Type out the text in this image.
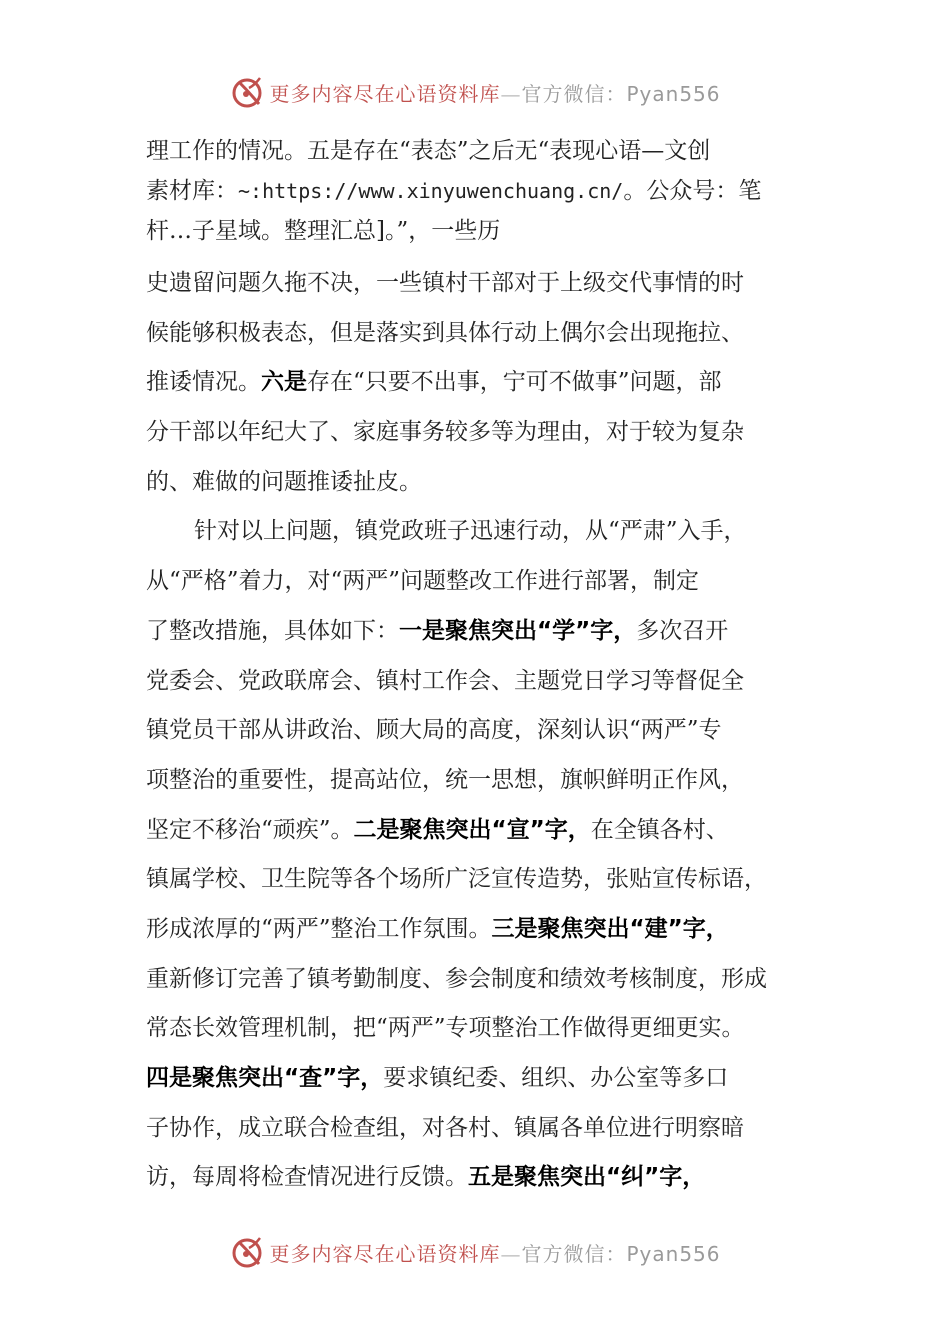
更多内容尽在心语资料库—官方微信：Pyan556
理工作的情况。五是存在“表态”之后无“表现心语—文创
素材库：~:https://www.xinyuwenchuang.cn/。公众号：笔
杆…子星域。整理汇总]。”，一些历
史遗留问题久拖不决，一些镇村干部对于上级交代事情的时
候能够积极表态，但是落实到具体行动上偶尔会出现拖拉、
推诿情况。六是存在“只要不出事，宁可不做事”问题，部
分干部以年纪大了、家庭事务较多等为理由，对于较为复杂
的、难做的问题推诿扯皮。
针对以上问题，镇党政班子迅速行动，从“严肃”入手，
从“严格”着力，对“两严”问题整改工作进行部署，制定
了整改措施，具体如下：一是聚焦突出“学”字，多次召开
党委会、党政联席会、镇村工作会、主题党日学习等督促全
镇党员干部从讲政治、顾大局的高度，深刻认识“两严”专
项整治的重要性，提高站位，统一思想，旗帜鲜明正作风，
坚定不移治“顽疾”。二是聚焦突出“宣”字，在全镇各村、
镇属学校、卫生院等各个场所广泛宣传造势，张贴宣传标语，
形成浓厚的“两严”整治工作氛围。三是聚焦突出“建”字，
重新修订完善了镇考勤制度、参会制度和绩效考核制度，形成
常态长效管理机制，把“两严”专项整治工作做得更细更实。
四是聚焦突出“查”字，要求镇纪委、组织、办公室等多口
子协作，成立联合检查组，对各村、镇属各单位进行明察暗
访，每周将检查情况进行反馈。五是聚焦突出“纠”字，
更多内容尽在心语资料库—官方微信：Pyan556
